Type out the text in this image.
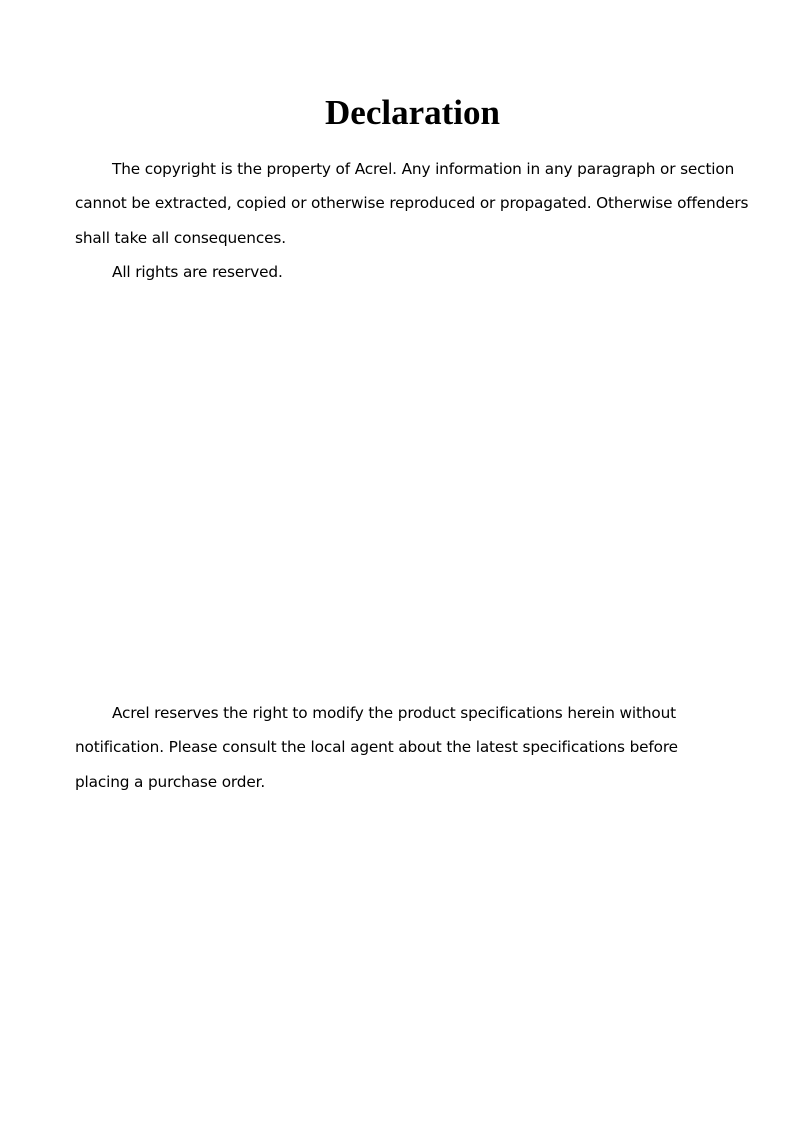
Declaration

The copyright is the property of Acrel. Any information in any paragraph or section cannot be extracted, copied or otherwise reproduced or propagated. Otherwise offenders shall take all consequences.

All rights are reserved.

Acrel reserves the right to modify the product specifications herein without notification. Please consult the local agent about the latest specifications before placing a purchase order.
